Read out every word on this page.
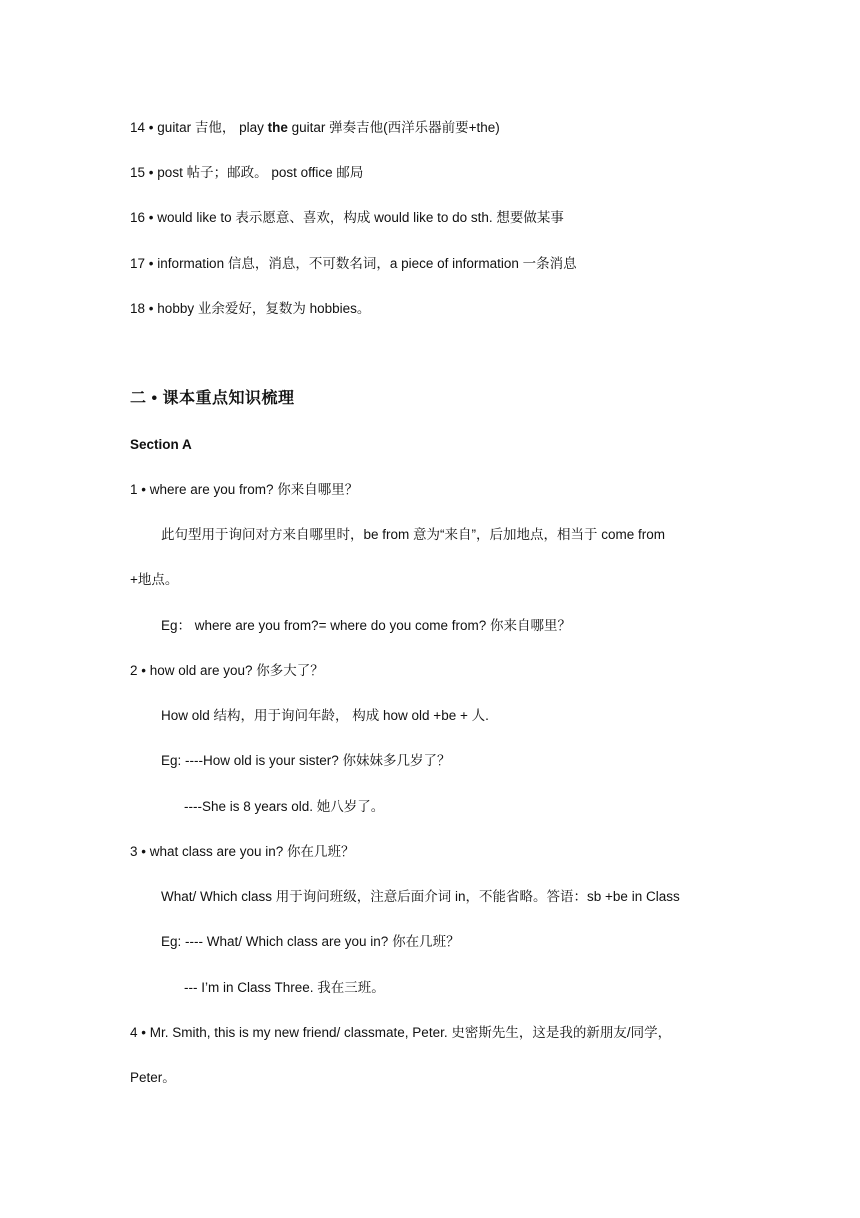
14 • guitar 吉他， play the guitar 弹奏吉他(西洋乐器前要+the)
15 • post 帖子；邮政。 post office 邮局
16 • would like to 表示愿意、喜欢，构成 would like to do sth. 想要做某事
17 • information 信息，消息，不可数名词，a piece of information 一条消息
18 • hobby 业余爱好，复数为 hobbies。
二 • 课本重点知识梳理
Section A
1 • where are you from? 你来自哪里？
此句型用于询问对方来自哪里时，be from 意为“来自”，后加地点，相当于 come from
+地点。
Eg： where are you from?= where do you come from? 你来自哪里？
2 • how old are you? 你多大了？
How old 结构，用于询问年龄， 构成 how old +be + 人.
Eg: ----How old is your sister? 你妹妹多几岁了？
----She is 8 years old. 她八岁了。
3 • what class are you in? 你在几班？
What/ Which class 用于询问班级，注意后面介词 in，不能省略。答语：sb +be in Class
Eg: ---- What/ Which class are you in? 你在几班？
--- I’m in Class Three. 我在三班。
4 • Mr. Smith, this is my new friend/ classmate, Peter. 史密斯先生，这是我的新朋友/同学，
Peter。
